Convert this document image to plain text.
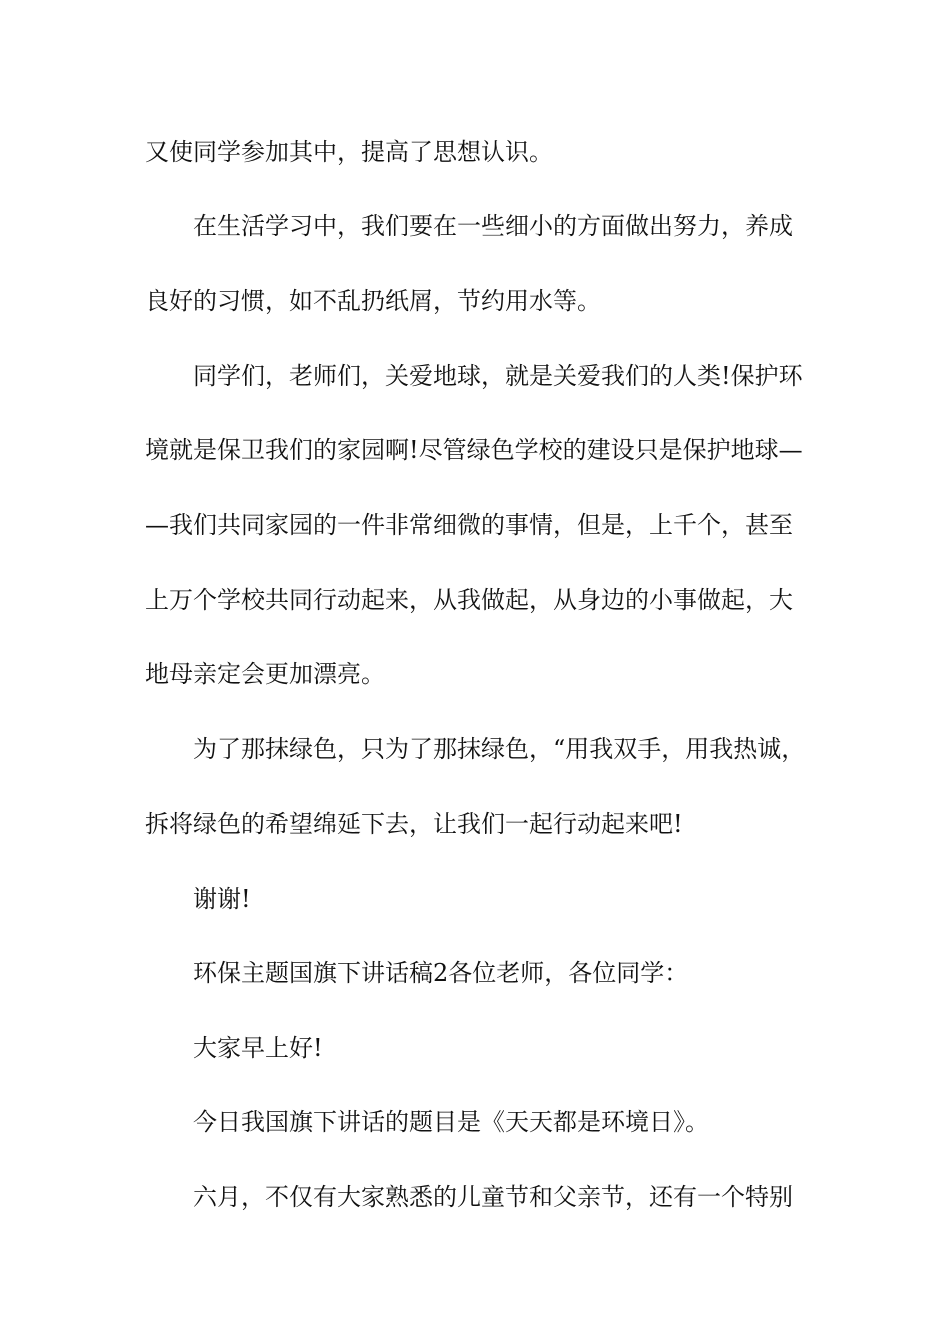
又使同学参加其中，提高了思想认识。
在生活学习中，我们要在一些细小的方面做出努力，养成
良好的习惯，如不乱扔纸屑，节约用水等。
同学们，老师们，关爱地球，就是关爱我们的人类!保护环
境就是保卫我们的家园啊!尽管绿色学校的建设只是保护地球—
—我们共同家园的一件非常细微的事情，但是，上千个，甚至
上万个学校共同行动起来，从我做起，从身边的小事做起，大
地母亲定会更加漂亮。
为了那抹绿色，只为了那抹绿色，“用我双手，用我热诚，
拆将绿色的希望绵延下去，让我们一起行动起来吧!
谢谢!
环保主题国旗下讲话稿2各位老师，各位同学：
大家早上好!
今日我国旗下讲话的题目是《天天都是环境日》。
六月，不仅有大家熟悉的儿童节和父亲节，还有一个特别
